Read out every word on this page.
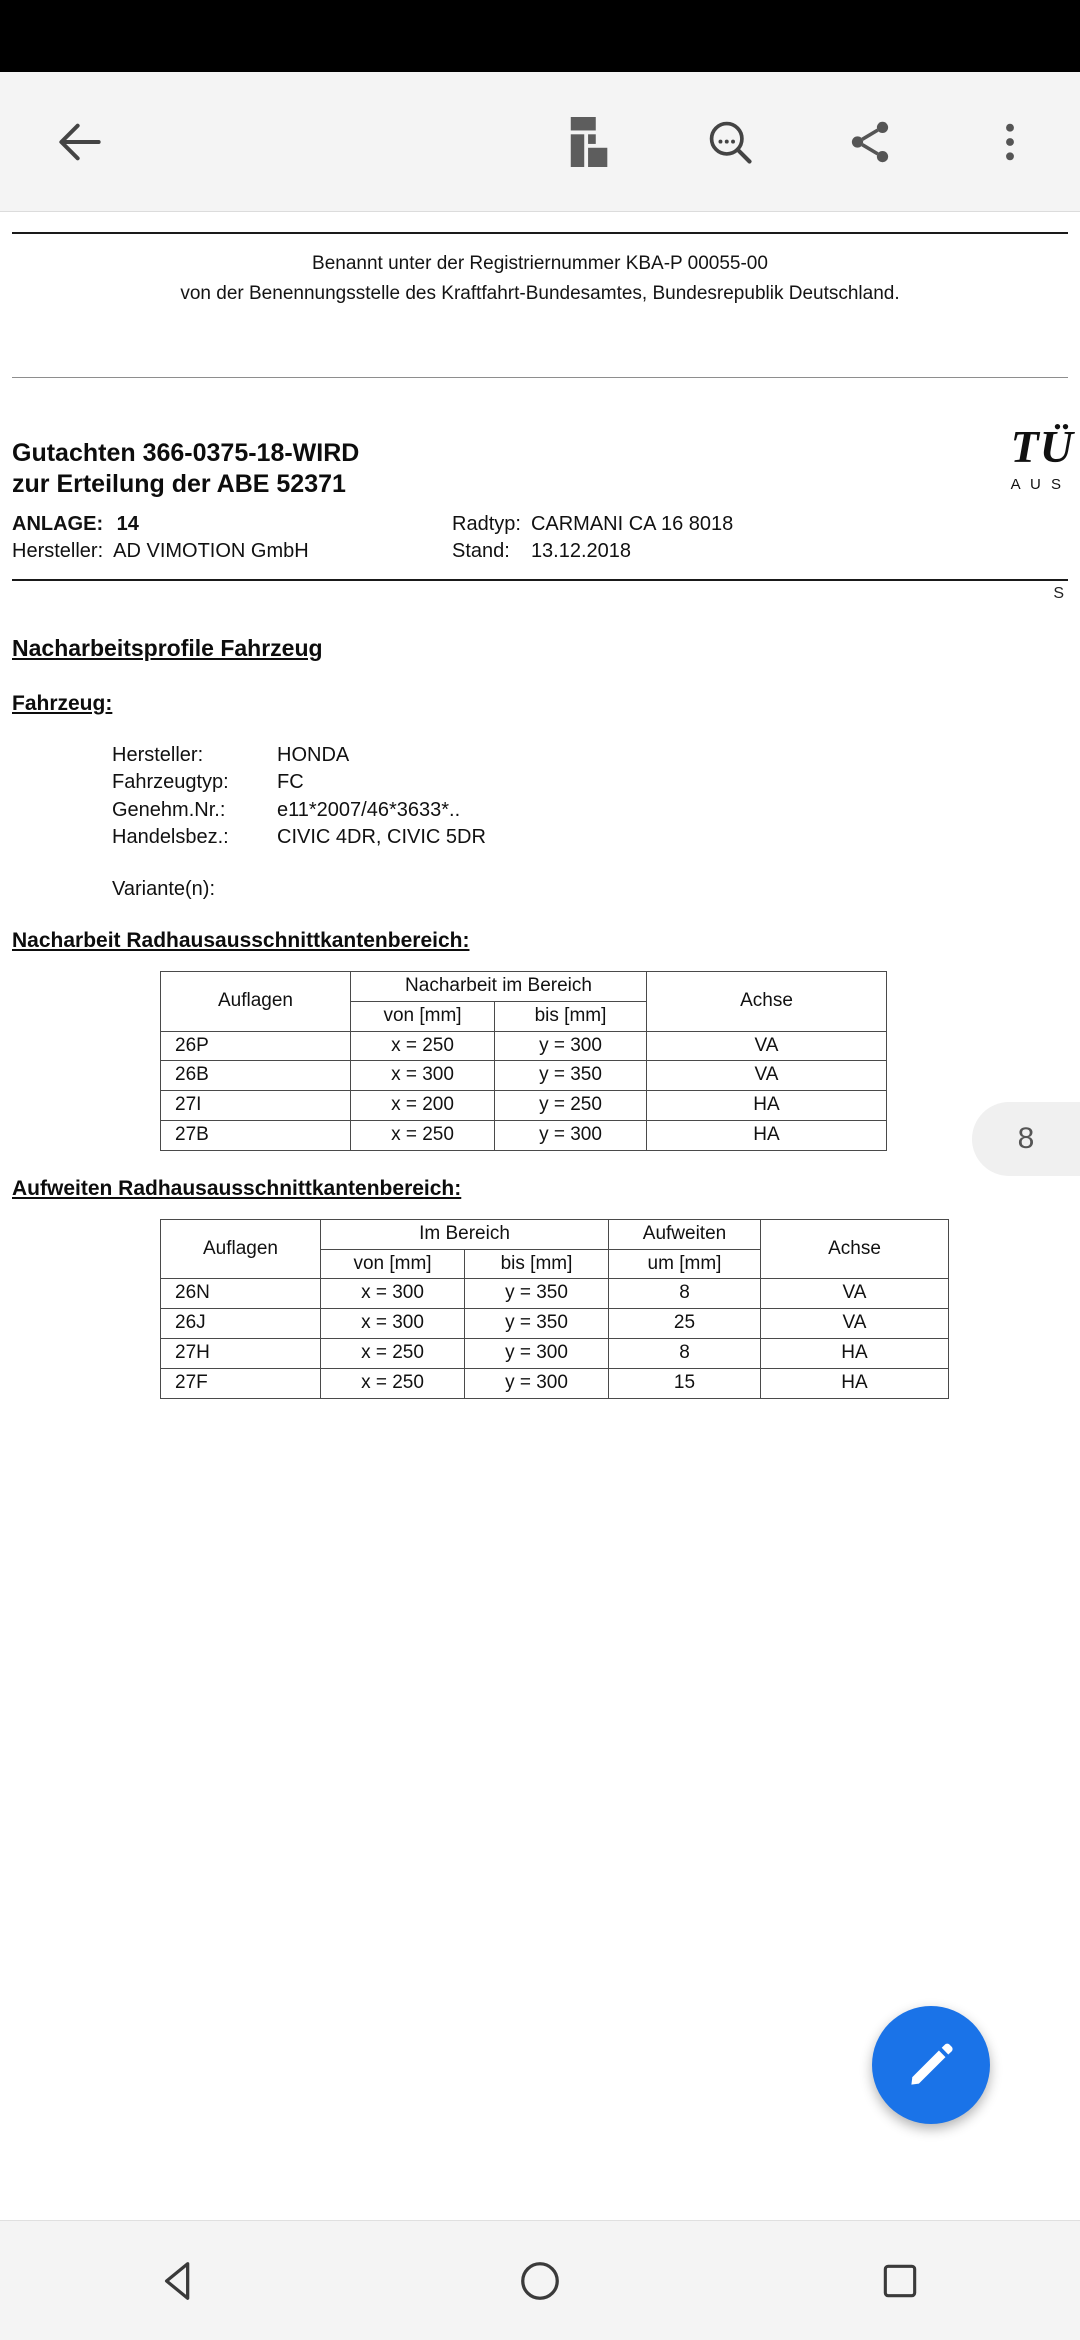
Benannt unter der Registriernummer KBA-P 00055-00
von der Benennungsstelle des Kraftfahrt-Bundesamtes, Bundesrepublik Deutschland.
Gutachten 366-0375-18-WIRD
zur Erteilung der ABE 52371
ANLAGE: 14
Hersteller: AD VIMOTION GmbH
Radtyp:	CARMANI CA 16 8018
Stand:	13.12.2018
TÜ
A U S
S
Nacharbeitsprofile Fahrzeug
Fahrzeug:
Hersteller:	HONDA
Fahrzeugtyp:	FC
Genehm.Nr.:	e11*2007/46*3633*..
Handelsbez.:	CIVIC 4DR, CIVIC 5DR
Variante(n):
Nacharbeit Radhausausschnittkantenbereich:
Auflagen	Nacharbeit im Bereich		Achse
	von [mm]	bis [mm]	
26P	x = 250	y = 300	VA
26B	x = 300	y = 350	VA
27I	x = 200	y = 250	HA
27B	x = 250	y = 300	HA
Aufweiten Radhausausschnittkantenbereich:
Auflagen	Im Bereich		Aufweiten	Achse
	von [mm]	bis [mm]	um [mm]	
26N	x = 300	y = 350	8	VA
26J	x = 300	y = 350	25	VA
27H	x = 250	y = 300	8	HA
27F	x = 250	y = 300	15	HA
8
